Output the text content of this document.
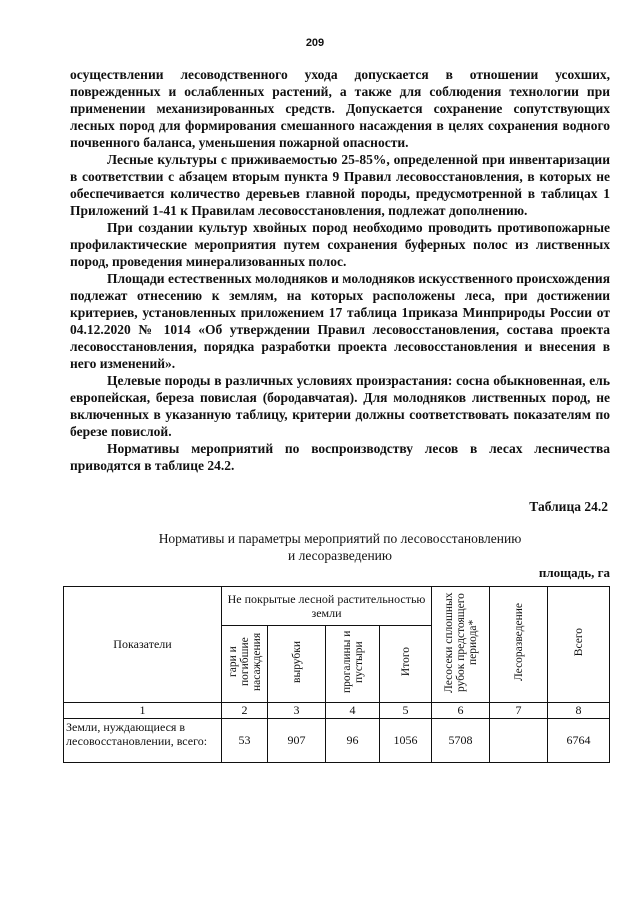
209

осуществлении лесоводственного ухода допускается в отношении усохших, поврежденных и ослабленных растений, а также для соблюдения технологии при применении механизированных средств. Допускается сохранение сопутствующих лесных пород для формирования смешанного насаждения в целях сохранения водного почвенного баланса, уменьшения пожарной опасности.

Лесные культуры с приживаемостью 25-85%, определенной при инвентаризации в соответствии с абзацем вторым пункта 9 Правил лесовосстановления, в которых не обеспечивается количество деревьев главной породы, предусмотренной в таблицах 1 Приложений 1-41 к Правилам лесовосстановления, подлежат дополнению.

При создании культур хвойных пород необходимо проводить противопожарные профилактические мероприятия путем сохранения буферных полос из лиственных пород, проведения минерализованных полос.

Площади естественных молодняков и молодняков искусственного происхождения подлежат отнесению к землям, на которых расположены леса, при достижении критериев, установленных приложением 17 таблица 1приказа Минприроды России от 04.12.2020 № 1014 «Об утверждении Правил лесовосстановления, состава проекта лесовосстановления, порядка разработки проекта лесовосстановления и внесения в него изменений».

Целевые породы в различных условиях произрастания: сосна обыкновенная, ель европейская, береза повислая (бородавчатая). Для молодняков лиственных пород, не включенных в указанную таблицу, критерии должны соответствовать показателям по березе повислой.

Нормативы мероприятий по воспроизводству лесов в лесах лесничества приводятся в таблице 24.2.

Таблица 24.2
Нормативы и параметры мероприятий по лесовосстановлению
и лесоразведению
площадь, га
Показатели	Не покрытые лесной растительностью земли				Лесосеки сплошных рубок предстоящего периода*	Лесоразведение	Всего
	гари и погибшие насаждения	вырубки	прогалины и пустыри	Итого			
1	2	3	4	5	6	7	8
Земли, нуждающиеся в лесовосстановлении, всего:	53	907	96	1056	5708		6764
